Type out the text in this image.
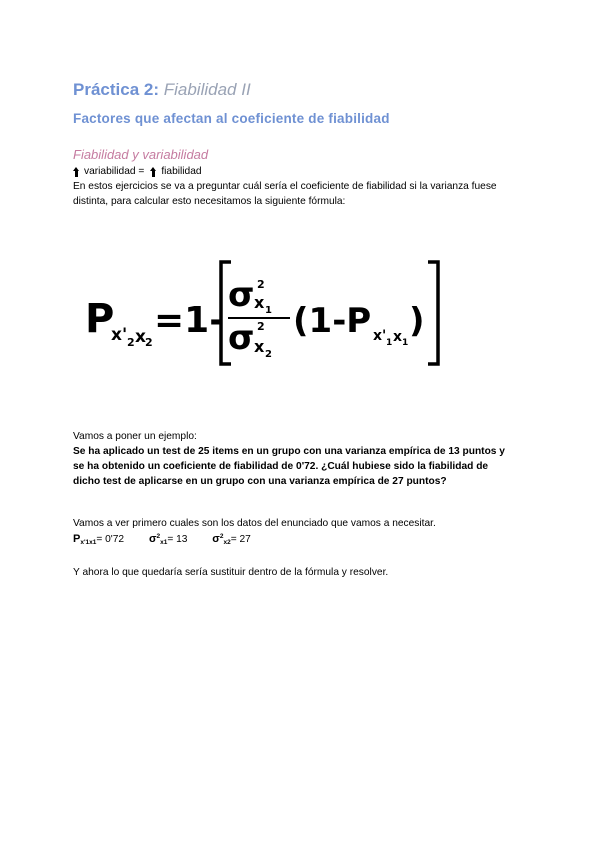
Práctica 2: Fiabilidad II
Factores que afectan al coeficiente de fiabilidad
Fiabilidad y variabilidad
variabilidad = fiabilidad
En estos ejercicios se va a preguntar cuál sería el coeficiente de fiabilidad si la varianza fuese distinta, para calcular esto necesitamos la siguiente fórmula:
P
x' 2 x 2
=1-
σ 2
x 1
σ 2
x 2
(1-P x' 1 x 1
)
Vamos a poner un ejemplo:
Se ha aplicado un test de 25 items en un grupo con una varianza empírica de 13 puntos y se ha obtenido un coeficiente de fiabilidad de 0'72. ¿Cuál hubiese sido la fiabilidad de dicho test de aplicarse en un grupo con una varianza empírica de 27 puntos?
Vamos a ver primero cuales son los datos del enunciado que vamos a necesitar.
$P_{x'1x1}= 0'72$ $\sigma^2_{x1}= 13$ $\sigma^2_{x2}= 27$
Y ahora lo que quedaría sería sustituir dentro de la fórmula y resolver.
